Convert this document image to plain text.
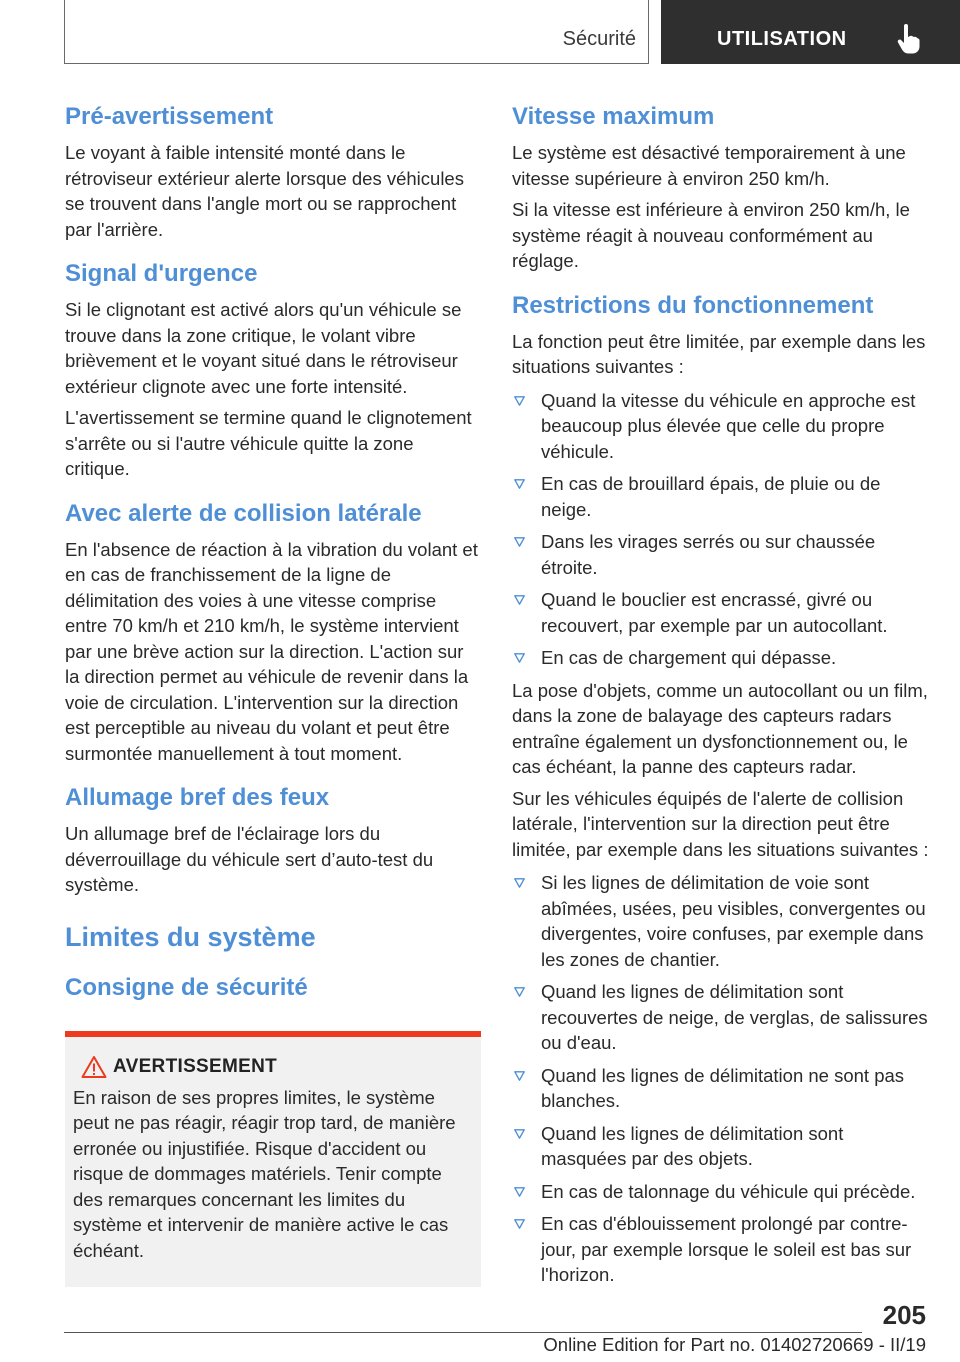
Sécurité	UTILISATION
Pré-avertissement

Le voyant à faible intensité monté dans le rétroviseur extérieur alerte lorsque des véhicules se trouvent dans l'angle mort ou se rapprochent par l'arrière.

Signal d'urgence

Si le clignotant est activé alors qu'un véhicule se trouve dans la zone critique, le volant vibre brièvement et le voyant situé dans le rétroviseur extérieur clignote avec une forte intensité.

L'avertissement se termine quand le clignotement s'arrête ou si l'autre véhicule quitte la zone critique.

Avec alerte de collision latérale

En l'absence de réaction à la vibration du volant et en cas de franchissement de la ligne de délimitation des voies à une vitesse comprise entre 70 km/h et 210 km/h, le système intervient par une brève action sur la direction. L'action sur la direction permet au véhicule de revenir dans la voie de circulation. L'intervention sur la direction est perceptible au niveau du volant et peut être surmontée manuellement à tout moment.

Allumage bref des feux

Un allumage bref de l'éclairage lors du déverrouillage du véhicule sert d’auto-test du système.

Limites du système
Consigne de sécurité
AVERTISSEMENT

En raison de ses propres limites, le système peut ne pas réagir, réagir trop tard, de manière erronée ou injustifiée. Risque d'accident ou risque de dommages matériels. Tenir compte des remarques concernant les limites du système et intervenir de manière active le cas échéant.

Vitesse maximum

Le système est désactivé temporairement à une vitesse supérieure à environ 250 km/h.

Si la vitesse est inférieure à environ 250 km/h, le système réagit à nouveau conformément au réglage.

Restrictions du fonctionnement

La fonction peut être limitée, par exemple dans les situations suivantes :

Quand la vitesse du véhicule en approche est beaucoup plus élevée que celle du propre véhicule.
En cas de brouillard épais, de pluie ou de neige.
Dans les virages serrés ou sur chaussée étroite.
Quand le bouclier est encrassé, givré ou recouvert, par exemple par un autocollant.
En cas de chargement qui dépasse.

La pose d'objets, comme un autocollant ou un film, dans la zone de balayage des capteurs radars entraîne également un dysfonctionnement ou, le cas échéant, la panne des capteurs radar.

Sur les véhicules équipés de l'alerte de collision latérale, l'intervention sur la direction peut être limitée, par exemple dans les situations suivantes :

Si les lignes de délimitation de voie sont abîmées, usées, peu visibles, convergentes ou divergentes, voire confuses, par exemple dans les zones de chantier.
Quand les lignes de délimitation sont recouvertes de neige, de verglas, de salissures ou d'eau.
Quand les lignes de délimitation ne sont pas blanches.
Quand les lignes de délimitation sont masquées par des objets.
En cas de talonnage du véhicule qui précède.
En cas d'éblouissement prolongé par contre-jour, par exemple lorsque le soleil est bas sur l'horizon.
205
Online Edition for Part no. 01402720669 - II/19
